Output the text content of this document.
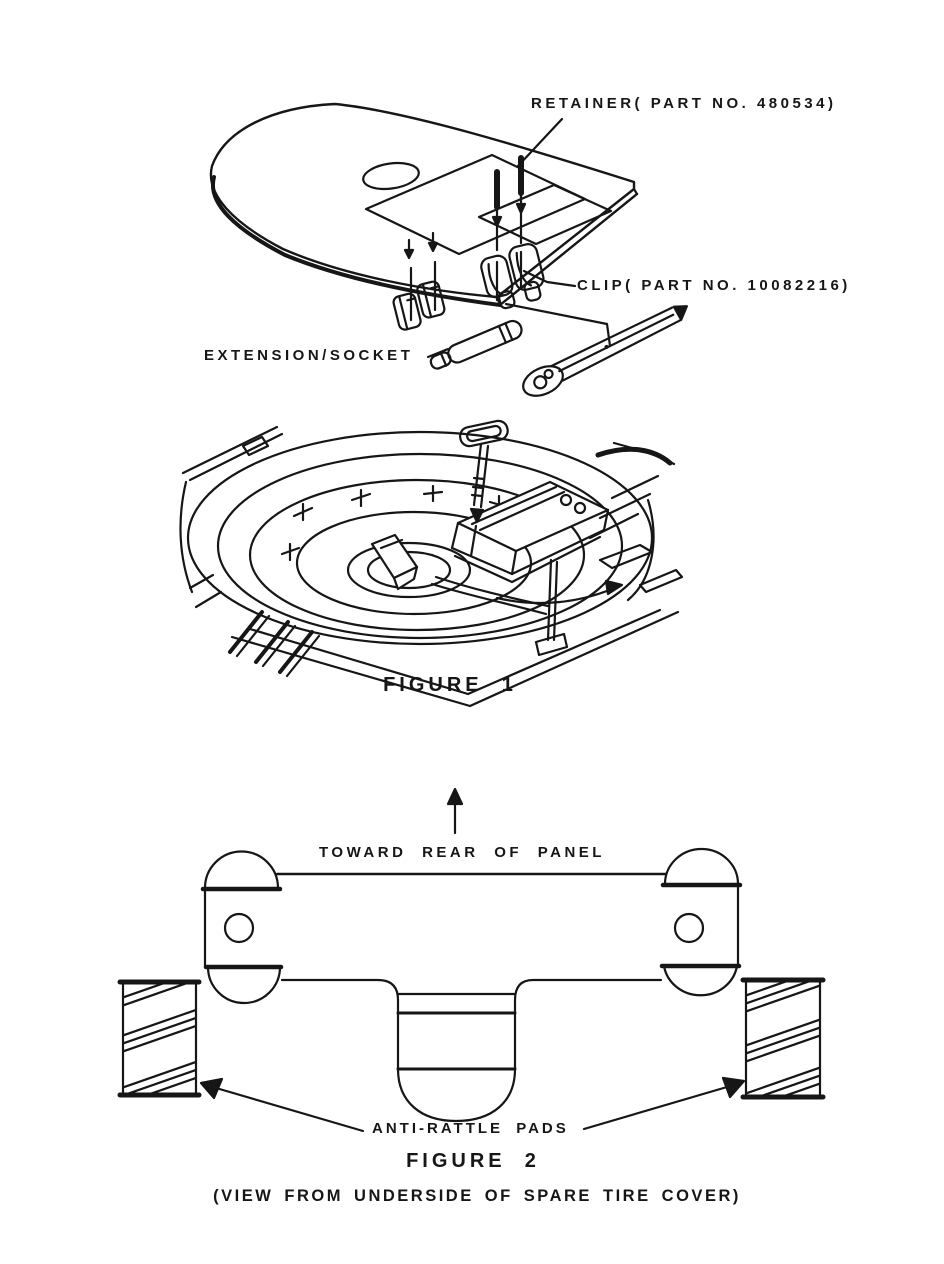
RETAINER( PART NO. 480534)
CLIP( PART NO. 10082216)
EXTENSION/SOCKET
FIGURE  1
TOWARD REAR OF PANEL
ANTI-RATTLE PADS
FIGURE  2
(VIEW FROM UNDERSIDE OF SPARE TIRE COVER)
